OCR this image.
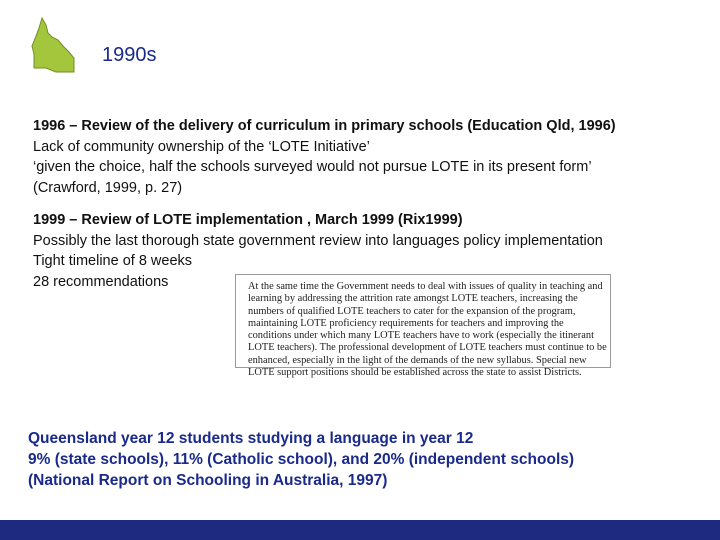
1990s
1996 – Review of the delivery of curriculum in primary schools (Education Qld, 1996)
Lack of community ownership of the ‘LOTE Initiative’
‘given the choice, half the schools surveyed would not pursue LOTE in its present form’
(Crawford, 1999, p. 27)
1999 – Review of LOTE implementation , March 1999 (Rix1999)
Possibly the last thorough state government review into languages policy implementation
Tight timeline of 8 weeks
28 recommendations	At the same time the Government needs to deal with issues of quality in teaching and
learning by addressing the attrition rate amongst LOTE teachers, increasing the
numbers of qualified LOTE teachers to cater for the expansion of the program,
maintaining LOTE proficiency requirements for teachers and improving the
conditions under which many LOTE teachers have to work (especially the itinerant
LOTE teachers). The professional development of LOTE teachers must continue to be
enhanced, especially in the light of the demands of the new syllabus. Special new
LOTE support positions should be established across the state to assist Districts.
Queensland year 12 students studying a language in year 12
9% (state schools), 11% (Catholic school), and 20% (independent schools)
(National Report on Schooling in Australia, 1997)
